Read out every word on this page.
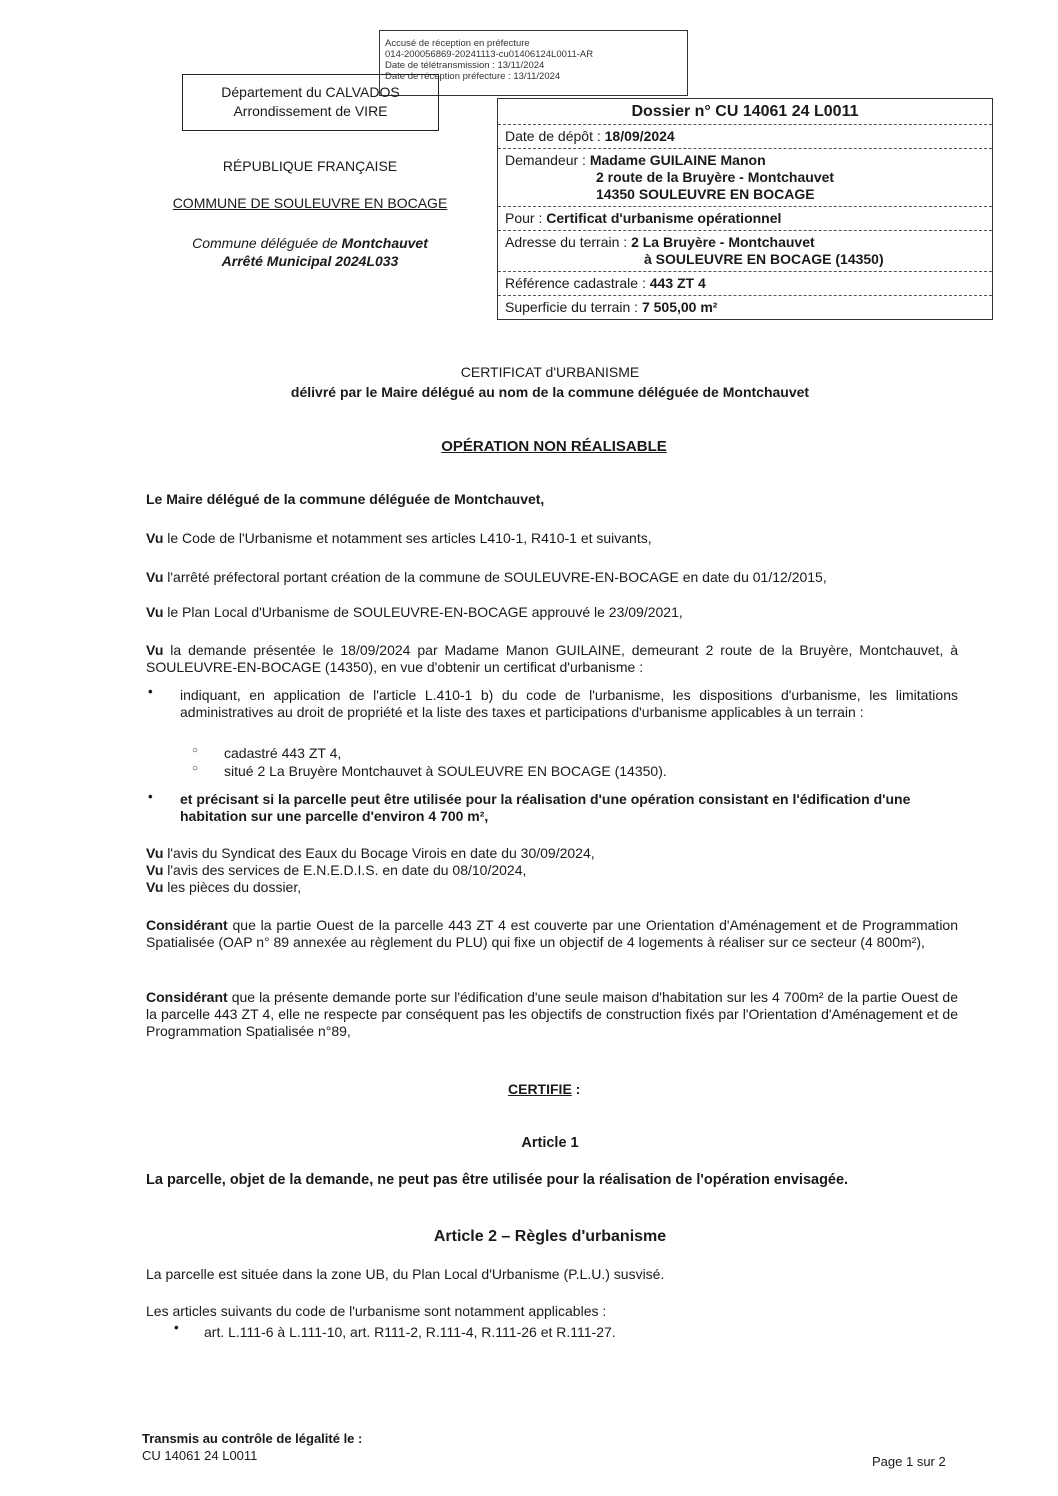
Accusé de réception en préfecture
014-200056869-20241113-cu01406124L0011-AR
Date de télétransmission : 13/11/2024
Date de réception préfecture : 13/11/2024
Département du CALVADOS
Arrondissement de VIRE	Dossier n° CU 14061 24 L0011
Date de dépôt : 18/09/2024
Demandeur : Madame GUILAINE Manon
2 route de la Bruyère - Montchauvet
14350 SOULEUVRE EN BOCAGE
Pour : Certificat d'urbanisme opérationnel
Adresse du terrain : 2 La Bruyère - Montchauvet
à SOULEUVRE EN BOCAGE (14350)
Référence cadastrale : 443 ZT 4
Superficie du terrain : 7 505,00 m²
RÉPUBLIQUE FRANÇAISE
COMMUNE DE SOULEUVRE EN BOCAGE
Commune déléguée de Montchauvet
Arrêté Municipal 2024L033
CERTIFICAT d'URBANISME
délivré par le Maire délégué au nom de la commune déléguée de Montchauvet
OPÉRATION NON RÉALISABLE
Le Maire délégué de la commune déléguée de Montchauvet,
Vu le Code de l'Urbanisme et notamment ses articles L410-1, R410-1 et suivants,
Vu l'arrêté préfectoral portant création de la commune de SOULEUVRE-EN-BOCAGE en date du 01/12/2015,
Vu le Plan Local d'Urbanisme de SOULEUVRE-EN-BOCAGE approuvé le 23/09/2021,
Vu la demande présentée le 18/09/2024 par Madame Manon GUILAINE, demeurant 2 route de la Bruyère, Montchauvet, à SOULEUVRE-EN-BOCAGE (14350), en vue d'obtenir un certificat d'urbanisme :
• indiquant, en application de l'article L.410-1 b) du code de l'urbanisme, les dispositions d'urbanisme, les limitations administratives au droit de propriété et la liste des taxes et participations d'urbanisme applicables à un terrain :
○ cadastré 443 ZT 4,
○ situé 2 La Bruyère Montchauvet à SOULEUVRE EN BOCAGE (14350).
• et précisant si la parcelle peut être utilisée pour la réalisation d'une opération consistant en l'édification d'une habitation sur une parcelle d'environ 4 700 m²,
Vu l'avis du Syndicat des Eaux du Bocage Virois en date du 30/09/2024,
Vu l'avis des services de E.N.E.D.I.S. en date du 08/10/2024,
Vu les pièces du dossier,
Considérant que la partie Ouest de la parcelle 443 ZT 4 est couverte par une Orientation d'Aménagement et de Programmation Spatialisée (OAP n° 89 annexée au règlement du PLU) qui fixe un objectif de 4 logements à réaliser sur ce secteur (4 800m²),
Considérant que la présente demande porte sur l'édification d'une seule maison d'habitation sur les 4 700m² de la partie Ouest de la parcelle 443 ZT 4, elle ne respecte par conséquent pas les objectifs de construction fixés par l'Orientation d'Aménagement et de Programmation Spatialisée n°89,
CERTIFIE :
Article 1
La parcelle, objet de la demande, ne peut pas être utilisée pour la réalisation de l'opération envisagée.
Article 2 – Règles d'urbanisme
La parcelle est située dans la zone UB, du Plan Local d'Urbanisme (P.L.U.) susvisé.
Les articles suivants du code de l'urbanisme sont notamment applicables :
• art. L.111-6 à L.111-10, art. R111-2, R.111-4, R.111-26 et R.111-27.
Transmis au contrôle de légalité le :
CU 14061 24 L0011	Page 1 sur 2
